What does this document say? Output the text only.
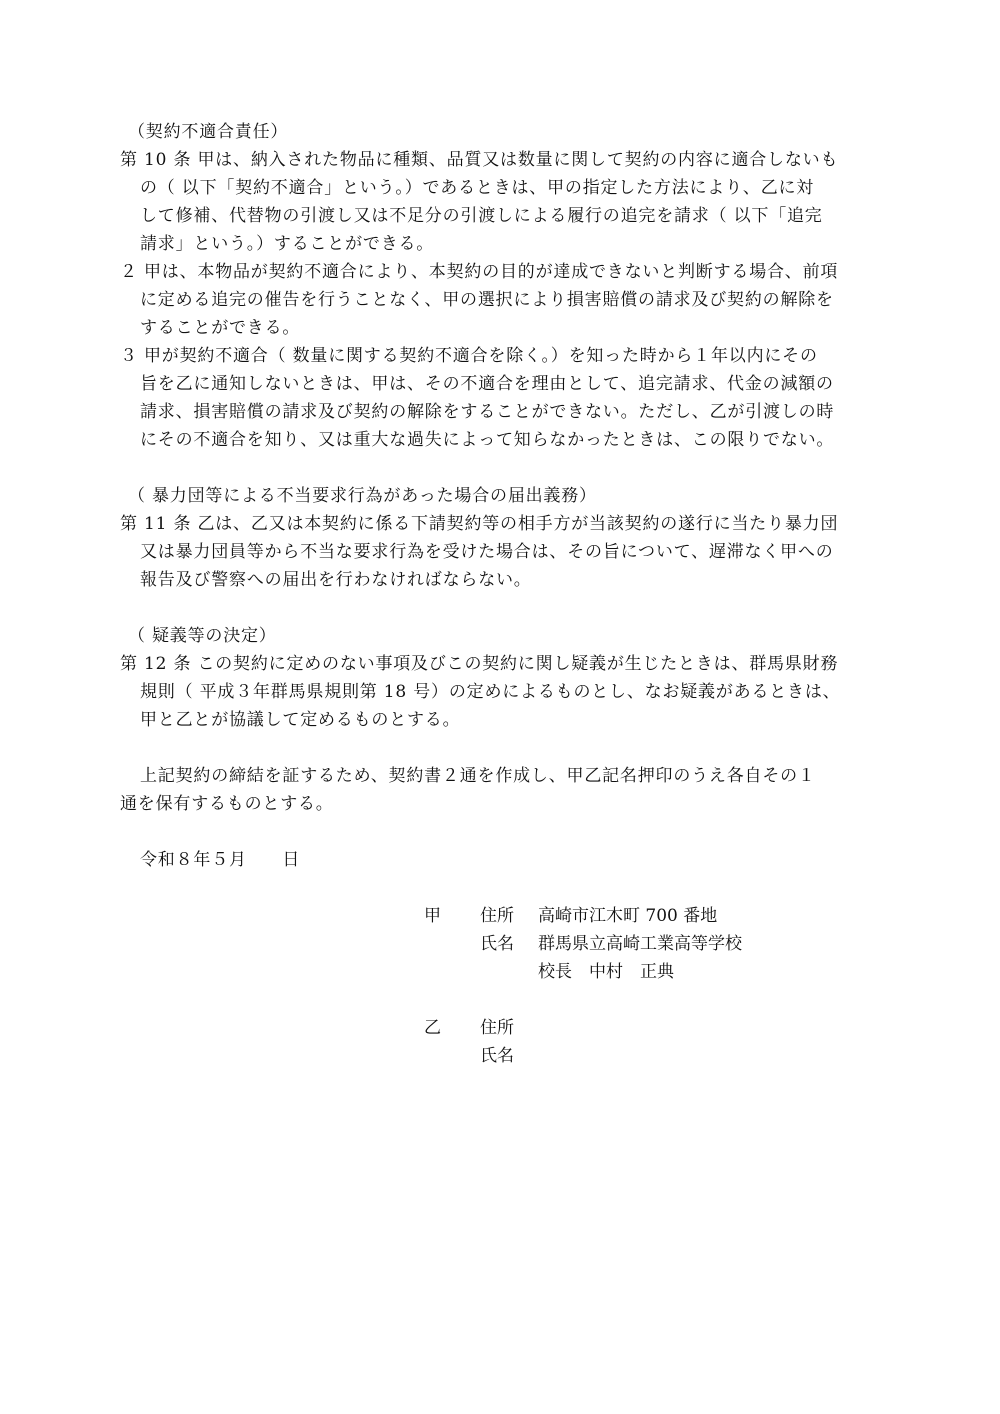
（契約不適合責任）
第 10 条 甲は、納入された物品に種類、品質又は数量に関して契約の内容に適合しないも
の（ 以下「契約不適合」という。）であるときは、甲の指定した方法により、乙に対
して修補、代替物の引渡し又は不足分の引渡しによる履行の追完を請求（ 以下「追完
請求」という。）することができる。
２ 甲は、本物品が契約不適合により、本契約の目的が達成できないと判断する場合、前項
に定める追完の催告を行うことなく、甲の選択により損害賠償の請求及び契約の解除を
することができる。
３ 甲が契約不適合（ 数量に関する契約不適合を除く。）を知った時から１年以内にその
旨を乙に通知しないときは、甲は、その不適合を理由として、追完請求、代金の減額の
請求、損害賠償の請求及び契約の解除をすることができない。ただし、乙が引渡しの時
にその不適合を知り、又は重大な過失によって知らなかったときは、この限りでない。
（ 暴力団等による不当要求行為があった場合の届出義務）
第 11 条 乙は、乙又は本契約に係る下請契約等の相手方が当該契約の遂行に当たり暴力団
又は暴力団員等から不当な要求行為を受けた場合は、その旨について、遅滞なく甲への
報告及び警察への届出を行わなければならない。
（ 疑義等の決定）
第 12 条 この契約に定めのない事項及びこの契約に関し疑義が生じたときは、群馬県財務
規則（ 平成３年群馬県規則第 18 号）の定めによるものとし、なお疑義があるときは、
甲と乙とが協議して定めるものとする。
上記契約の締結を証するため、契約書２通を作成し、甲乙記名押印のうえ各自その１
通を保有するものとする。
令和８年５月　　日
甲 住所 高崎市江木町 700 番地
氏名 群馬県立高崎工業高等学校
校長　中村　正典
乙 住所
氏名
